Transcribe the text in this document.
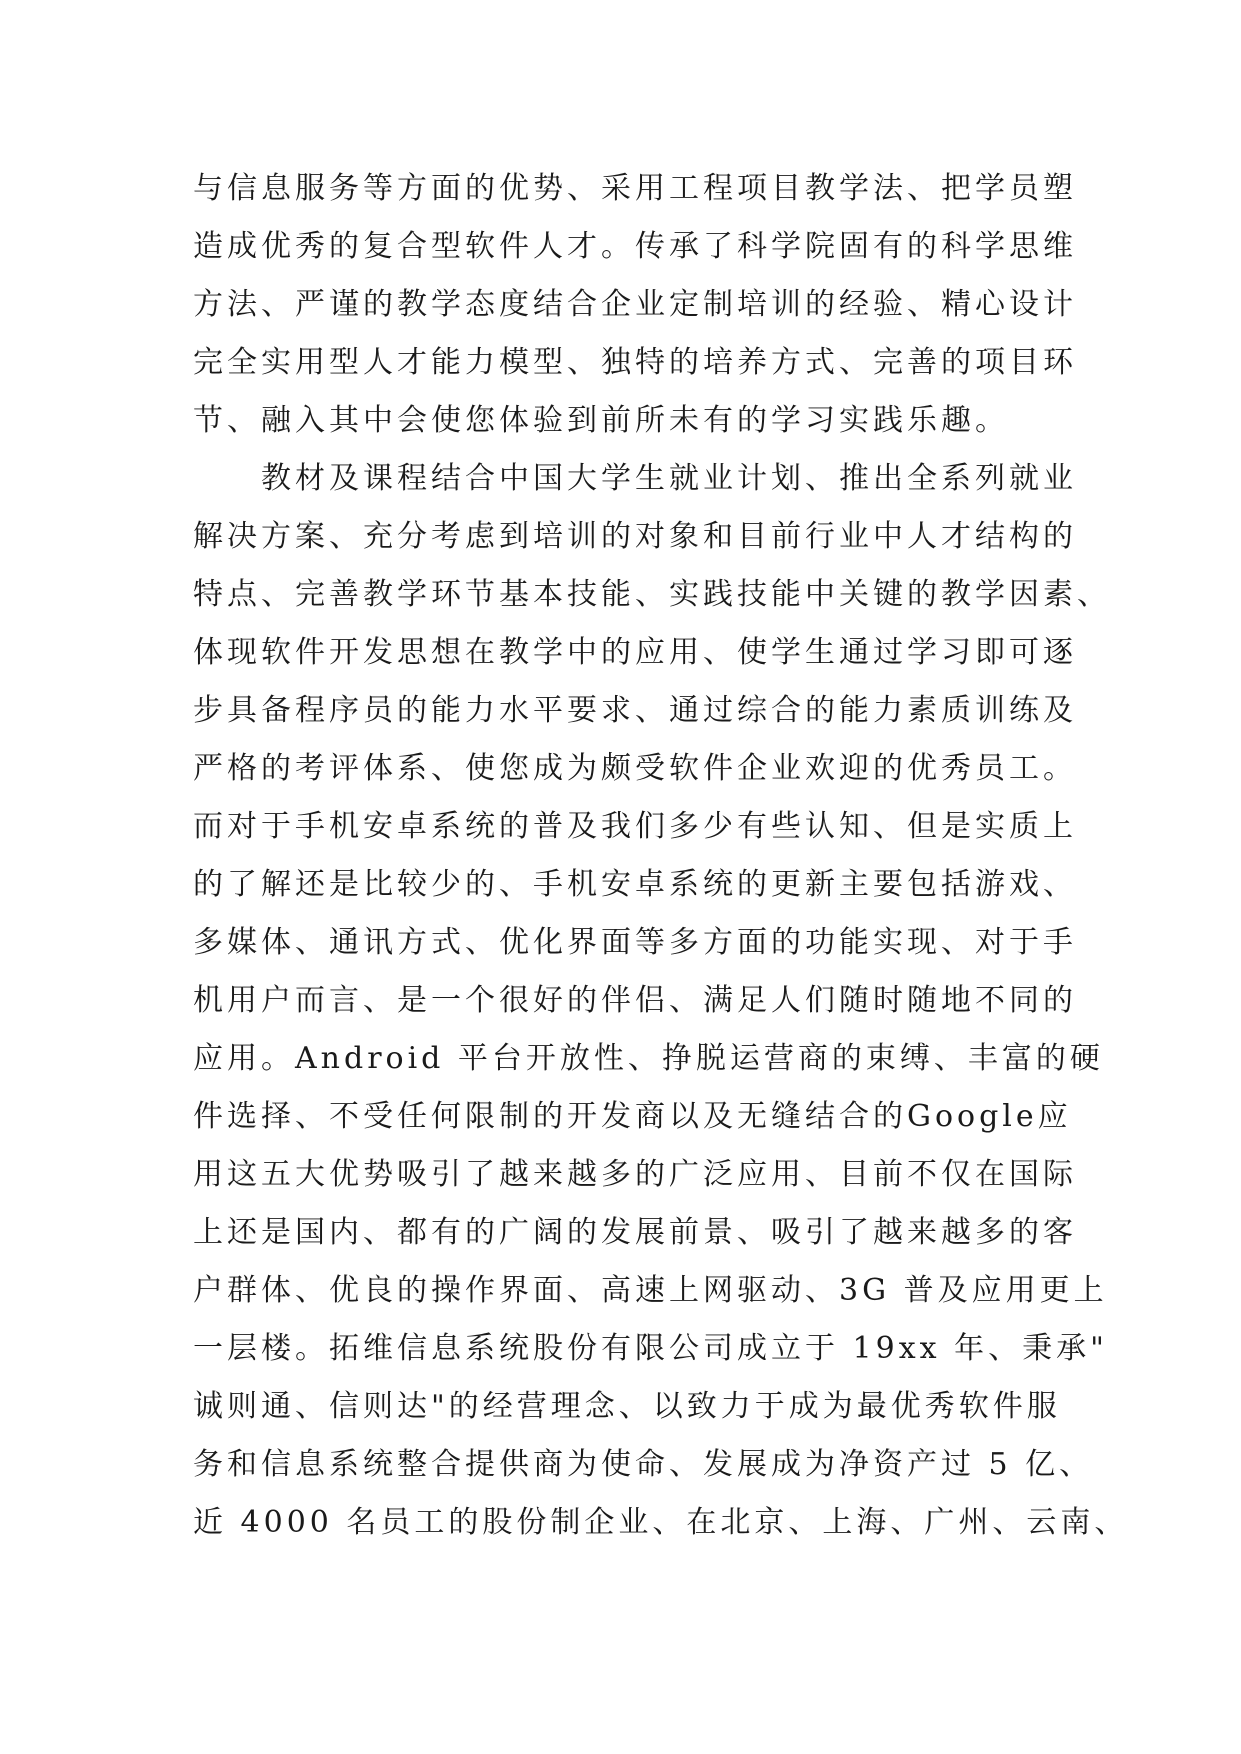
与信息服务等方面的优势、采用工程项目教学法、把学员塑
造成优秀的复合型软件人才。传承了科学院固有的科学思维
方法、严谨的教学态度结合企业定制培训的经验、精心设计
完全实用型人才能力模型、独特的培养方式、完善的项目环
节、融入其中会使您体验到前所未有的学习实践乐趣。
教材及课程结合中国大学生就业计划、推出全系列就业
解决方案、充分考虑到培训的对象和目前行业中人才结构的
特点、完善教学环节基本技能、实践技能中关键的教学因素、
体现软件开发思想在教学中的应用、使学生通过学习即可逐
步具备程序员的能力水平要求、通过综合的能力素质训练及
严格的考评体系、使您成为颇受软件企业欢迎的优秀员工。
而对于手机安卓系统的普及我们多少有些认知、但是实质上
的了解还是比较少的、手机安卓系统的更新主要包括游戏、
多媒体、通讯方式、优化界面等多方面的功能实现、对于手
机用户而言、是一个很好的伴侣、满足人们随时随地不同的
应用。Android 平台开放性、挣脱运营商的束缚、丰富的硬
件选择、不受任何限制的开发商以及无缝结合的Google应
用这五大优势吸引了越来越多的广泛应用、目前不仅在国际
上还是国内、都有的广阔的发展前景、吸引了越来越多的客
户群体、优良的操作界面、高速上网驱动、3G 普及应用更上
一层楼。拓维信息系统股份有限公司成立于 19xx 年、秉承"
诚则通、信则达"的经营理念、以致力于成为最优秀软件服
务和信息系统整合提供商为使命、发展成为净资产过 5 亿、
近 4000 名员工的股份制企业、在北京、上海、广州、云南、
